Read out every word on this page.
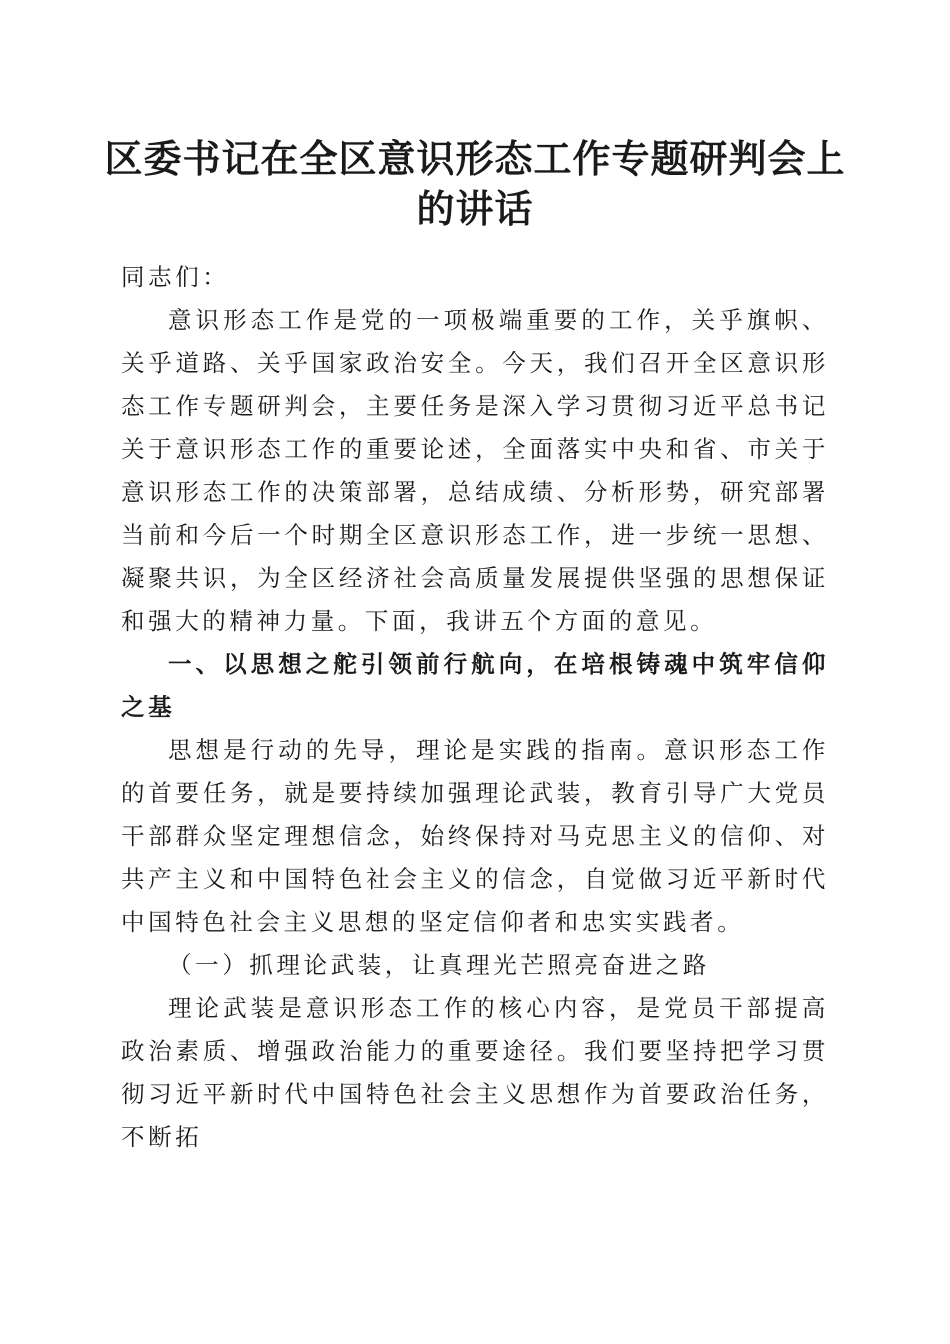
区委书记在全区意识形态工作专题研判会上的讲话

同志们：

意识形态工作是党的一项极端重要的工作，关乎旗帜、关乎道路、关乎国家政治安全。今天，我们召开全区意识形态工作专题研判会，主要任务是深入学习贯彻习近平总书记关于意识形态工作的重要论述，全面落实中央和省、市关于意识形态工作的决策部署，总结成绩、分析形势，研究部署当前和今后一个时期全区意识形态工作，进一步统一思想、凝聚共识，为全区经济社会高质量发展提供坚强的思想保证和强大的精神力量。下面，我讲五个方面的意见。

一、以思想之舵引领前行航向，在培根铸魂中筑牢信仰之基

思想是行动的先导，理论是实践的指南。意识形态工作的首要任务，就是要持续加强理论武装，教育引导广大党员干部群众坚定理想信念，始终保持对马克思主义的信仰、对共产主义和中国特色社会主义的信念，自觉做习近平新时代中国特色社会主义思想的坚定信仰者和忠实实践者。

（一）抓理论武装，让真理光芒照亮奋进之路

理论武装是意识形态工作的核心内容，是党员干部提高政治素质、增强政治能力的重要途径。我们要坚持把学习贯彻习近平新时代中国特色社会主义思想作为首要政治任务，不断拓
